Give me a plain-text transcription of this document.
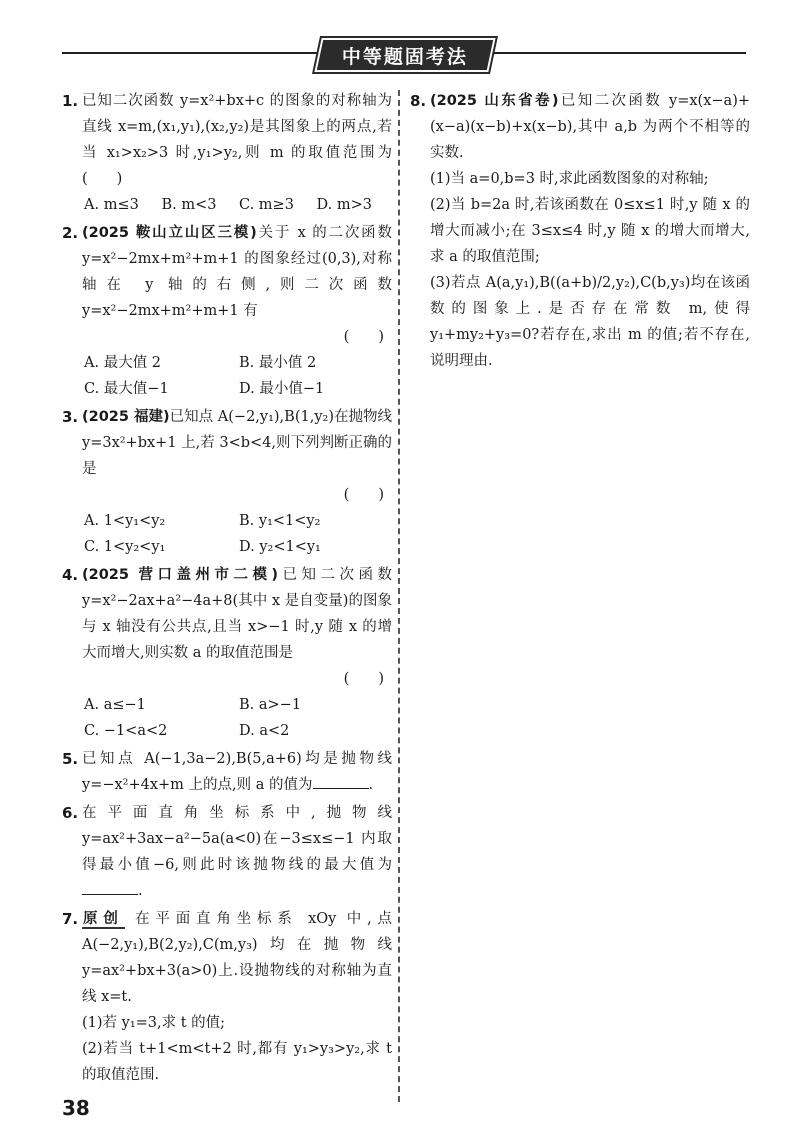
中等题固考法
1. 已知二次函数 y=x²+bx+c 的图象的对称轴为直线 x=m,(x₁,y₁),(x₂,y₂)是其图象上的两点,若当 x₁>x₂>3 时,y₁>y₂,则 m 的取值范围为(　　)
A. m≤3	B. m<3	C. m≥3	D. m>3
2. (2025 鞍山立山区三模)关于 x 的二次函数 y=x²−2mx+m²+m+1 的图象经过(0,3),对称轴在 y 轴的右侧,则二次函数 y=x²−2mx+m²+m+1 有
(　　)
A. 最大值 2	B. 最小值 2
C. 最大值−1	D. 最小值−1
3. (2025 福建)已知点 A(−2,y₁),B(1,y₂)在抛物线 y=3x²+bx+1 上,若 3<b<4,则下列判断正确的是
(　　)
A. 1<y₁<y₂	B. y₁<1<y₂
C. 1<y₂<y₁	D. y₂<1<y₁
4. (2025 营口盖州市二模)已知二次函数 y=x²−2ax+a²−4a+8(其中 x 是自变量)的图象与 x 轴没有公共点,且当 x>−1 时,y 随 x 的增大而增大,则实数 a 的取值范围是
(　　)
A. a≤−1	B. a>−1
C. −1<a<2	D. a<2
5. 已知点 A(−1,3a−2),B(5,a+6)均是抛物线 y=−x²+4x+m 上的点,则 a 的值为	.
6. 在平面直角坐标系中,抛物线 y=ax²+3ax−a²−5a(a<0)在−3≤x≤−1 内取得最小值−6,则此时该抛物线的最大值为.
7. 原创 在平面直角坐标系 xOy 中,点 A(−2,y₁),B(2,y₂),C(m,y₃)均在抛物线 y=ax²+bx+3(a>0)上.设抛物线的对称轴为直线 x=t.
(1)若 y₁=3,求 t 的值;
(2)若当 t+1<m<t+2 时,都有 y₁>y₃>y₂,求 t 的取值范围.
8. (2025 山东省卷)已知二次函数 y=x(x−a)+(x−a)(x−b)+x(x−b),其中 a,b 为两个不相等的实数.
(1)当 a=0,b=3 时,求此函数图象的对称轴;
(2)当 b=2a 时,若该函数在 0≤x≤1 时,y 随 x 的增大而减小;在 3≤x≤4 时,y 随 x 的增大而增大,求 a 的取值范围;
(3)若点 A(a,y₁),B((a+b)/2,y₂),C(b,y₃)均在该函数的图象上.是否存在常数 m,使得 y₁+my₂+y₃=0?若存在,求出 m 的值;若不存在,说明理由.
38
